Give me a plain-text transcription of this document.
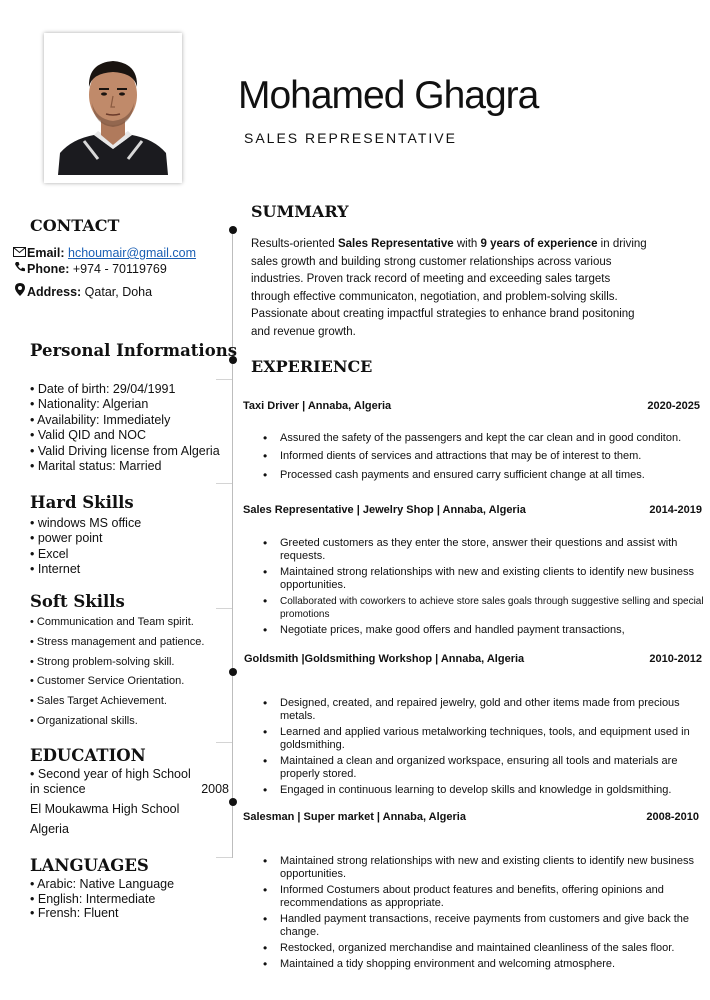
Mohamed Ghagra
SALES REPRESENTATIVE
CONTACT
Email: hchoumair@gmail.com
Phone: +974 - 70119769
Address: Qatar, Doha
Personal Informations
• Date of birth: 29/04/1991
• Nationality: Algerian
• Availability: Immediately
• Valid QID and NOC
• Valid Driving license from Algeria
• Marital status: Married
Hard Skills
• windows MS office
• power point
• Excel
• Internet
Soft Skills
• Communication and Team spirit.
• Stress management and patience.
• Strong problem-solving skill.
• Customer Service Orientation.
• Sales Target Achievement.
• Organizational skills.
EDUCATION
• Second year of high School
in science	2008
El Moukawma High School
Algeria
LANGUAGES
• Arabic: Native Language
• English: Intermediate
• Frensh: Fluent
SUMMARY
Results-oriented Sales Representative with 9 years of experience in driving sales growth and building strong customer relationships across various industries. Proven track record of meeting and exceeding sales targets through effective communicaton, negotiation, and problem-solving skills. Passionate about creating impactful strategies to enhance brand positoning and revenue growth.
EXPERIENCE
Taxi Driver | Annaba, Algeria	2020-2025
• Assured the safety of the passengers and kept the car clean and in good conditon.
• Informed dients of services and attractions that may be of interest to them.
• Processed cash payments and ensured carry sufficient change at all times.
Sales Representative | Jewelry Shop | Annaba, Algeria	2014-2019
• Greeted customers as they enter the store, answer their questions and assist with requests.
• Maintained strong relationships with new and existing clients to identify new business opportunities.
• Collaborated with coworkers to achieve store sales goals through suggestive selling and special promotions
• Negotiate prices, make good offers and handled payment transactions,
Goldsmith |Goldsmithing Workshop | Annaba, Algeria	2010-2012
• Designed, created, and repaired jewelry, gold and other items made from precious metals.
• Learned and applied various metalworking techniques, tools, and equipment used in goldsmithing.
• Maintained a clean and organized workspace, ensuring all tools and materials are properly stored.
• Engaged in continuous learning to develop skills and knowledge in goldsmithing.
Salesman | Super market | Annaba, Algeria	2008-2010
• Maintained strong relationships with new and existing clients to identify new business opportunities.
• Informed Costumers about product features and benefits, offering opinions and recommendations as appropriate.
• Handled payment transactions, receive payments from customers and give back the change.
• Restocked, organized merchandise and maintained cleanliness of the sales floor.
• Maintained a tidy shopping environment and welcoming atmosphere.
